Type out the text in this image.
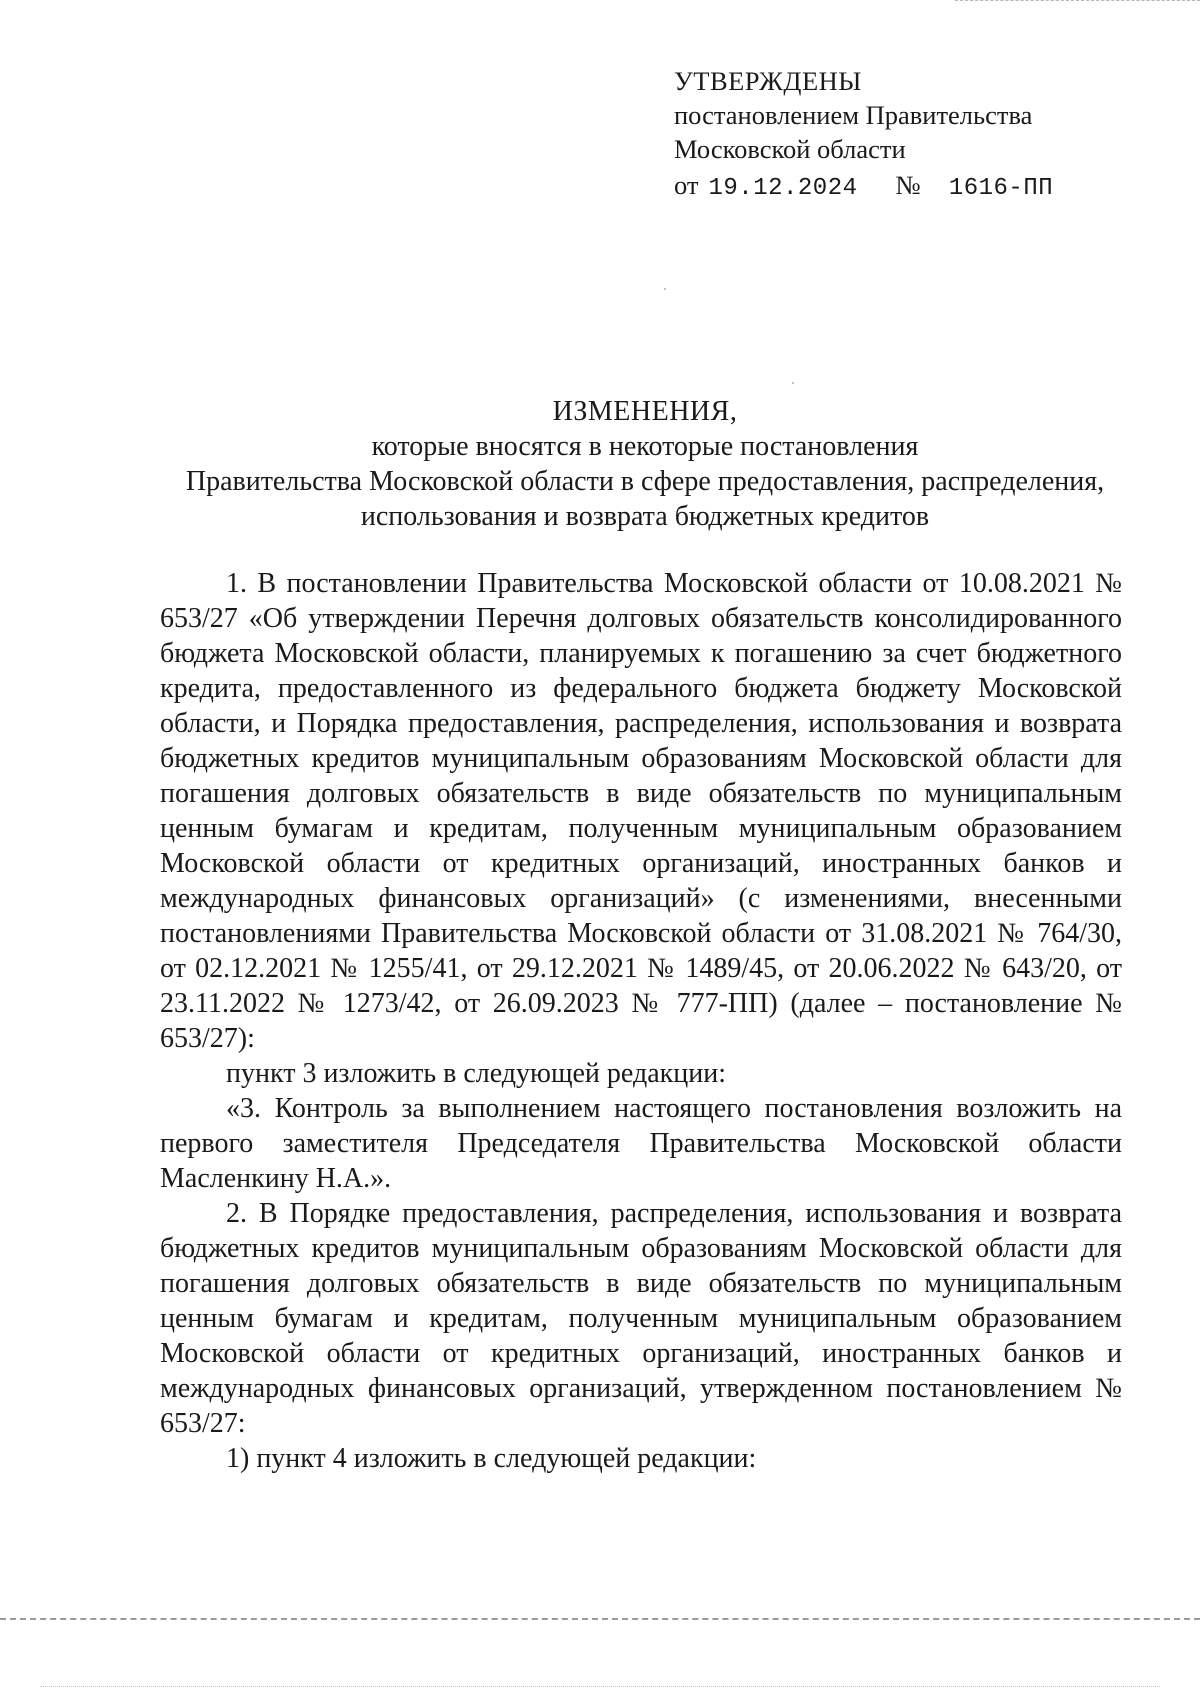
УТВЕРЖДЕНЫ
постановлением Правительства
Московской области
от 19.12.2024 № 1616-ПП
ИЗМЕНЕНИЯ,
которые вносятся в некоторые постановления
Правительства Московской области в сфере предоставления, распределения,
использования и возврата бюджетных кредитов

1. В постановлении Правительства Московской области от 10.08.2021 № 653/27 «Об утверждении Перечня долговых обязательств консолидированного бюджета Московской области, планируемых к погашению за счет бюджетного кредита, предоставленного из федерального бюджета бюджету Московской области, и Порядка предоставления, распределения, использования и возврата бюджетных кредитов муниципальным образованиям Московской области для погашения долговых обязательств в виде обязательств по муниципальным ценным бумагам и кредитам, полученным муниципальным образованием Московской области от кредитных организаций, иностранных банков и международных финансовых организаций» (с изменениями, внесенными постановлениями Правительства Московской области от 31.08.2021 № 764/30, от 02.12.2021 № 1255/41, от 29.12.2021 № 1489/45, от 20.06.2022 № 643/20, от 23.11.2022 № 1273/42, от 26.09.2023 № 777-ПП) (далее – постановление № 653/27):

пункт 3 изложить в следующей редакции:

«3. Контроль за выполнением настоящего постановления возложить на первого заместителя Председателя Правительства Московской области Масленкину Н.А.».

2. В Порядке предоставления, распределения, использования и возврата бюджетных кредитов муниципальным образованиям Московской области для погашения долговых обязательств в виде обязательств по муниципальным ценным бумагам и кредитам, полученным муниципальным образованием Московской области от кредитных организаций, иностранных банков и международных финансовых организаций, утвержденном постановлением № 653/27:

1) пункт 4 изложить в следующей редакции:
